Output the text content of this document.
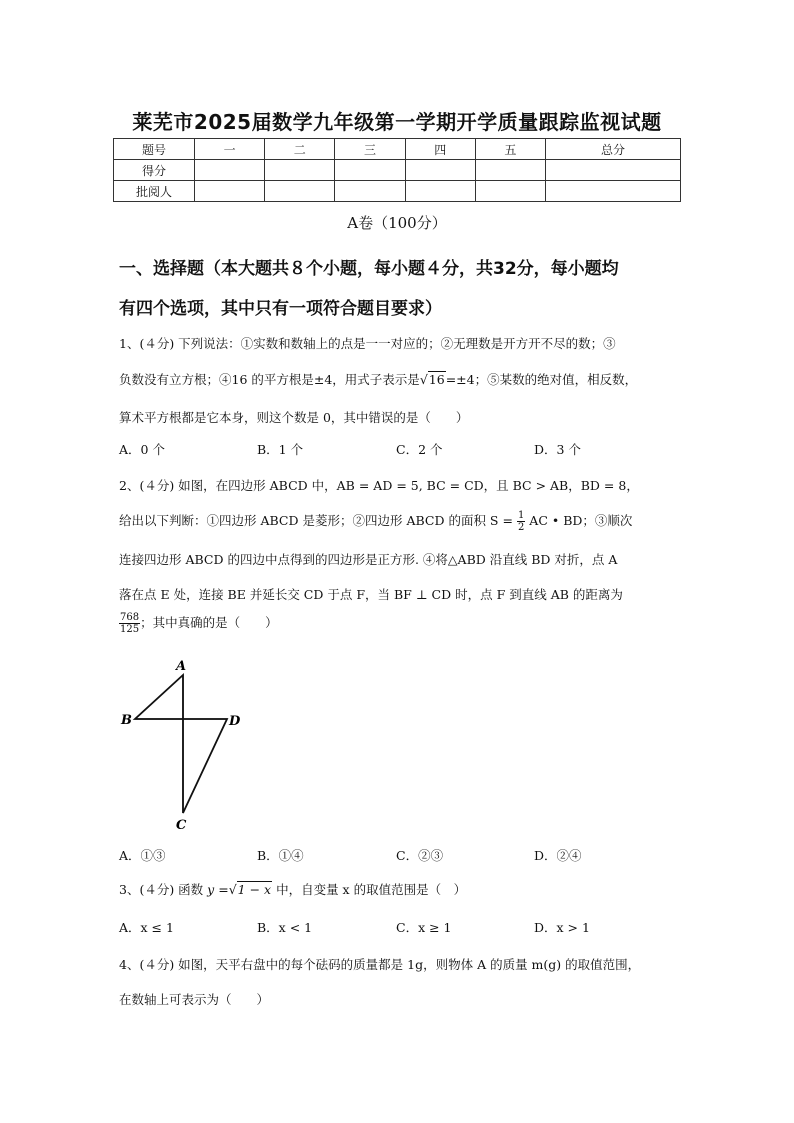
莱芜市2025届数学九年级第一学期开学质量跟踪监视试题
题号	一	二	三	四	五	总分
得分						
批阅人						
A卷（100分）
一、选择题（本大题共８个小题，每小题４分，共32分，每小题均
有四个选项，其中只有一项符合题目要求）
1、(４分) 下列说法：①实数和数轴上的点是一一对应的；②无理数是开方开不尽的数；③
负数没有立方根；④16 的平方根是±4，用式子表示是√16=±4；⑤某数的绝对值，相反数，
算术平方根都是它本身，则这个数是 0，其中错误的是（　　）
A．0 个	B．1 个	C．2 个	D．3 个
2、(４分) 如图，在四边形 ABCD 中，AB = AD = 5, BC = CD，且 BC > AB，BD = 8，
给出以下判断：①四边形 ABCD 是菱形；②四边形 ABCD 的面积 $S = \frac{1}{2}$ AC • BD；③顺次
连接四边形 ABCD 的四边中点得到的四边形是正方形. ④将△ABD 沿直线 BD 对折，点 A
落在点 E 处，连接 BE 并延长交 CD 于点 F，当 BF ⊥ CD 时，点 F 到直线 AB 的距离为
$\frac{768}{125}$ ；其中真确的是（　　）
A
B	D
C
A．①③	B．①④	C．②③	D．②④
3、(４分) 函数 y =√1 − x 中，自变量 x 的取值范围是（　）
A．x ≤ 1	B．x < 1	C．x ≥ 1	D．x > 1
4、(４分) 如图，天平右盘中的每个砝码的质量都是 1g，则物体 A 的质量 m(g) 的取值范围，
在数轴上可表示为（　　）
